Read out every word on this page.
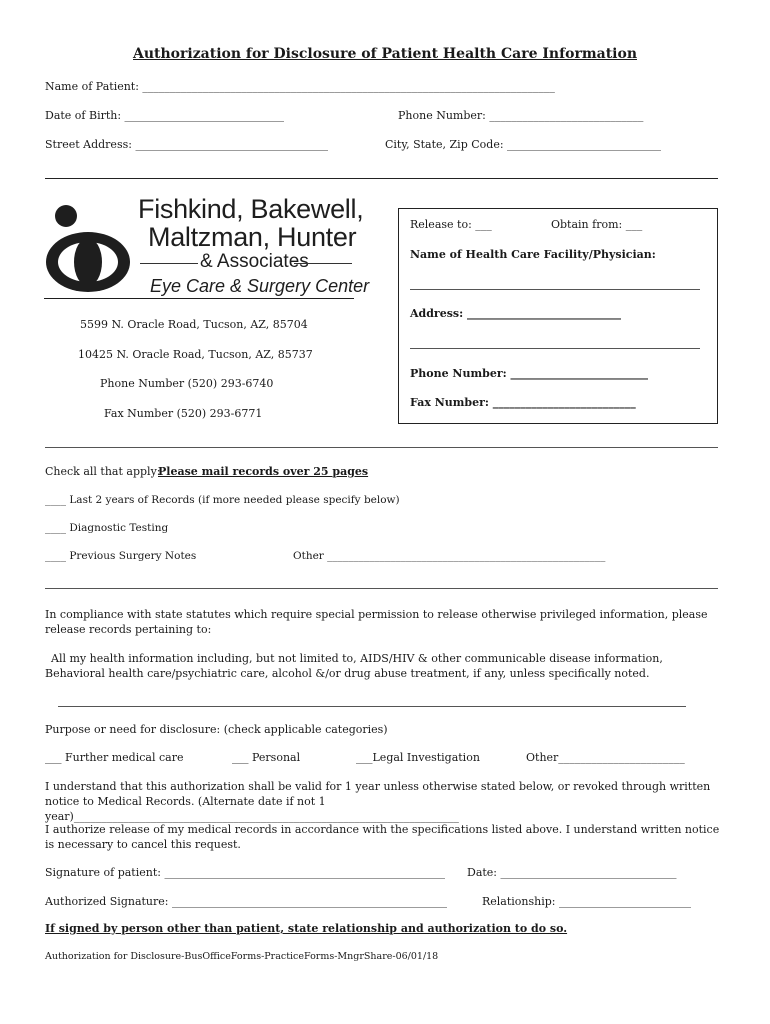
Authorization for Disclosure of Patient Health Care Information
Name of Patient: ___________________________________________________________________________
Date of Birth: _____________________________	Phone Number: ____________________________
Street Address: ___________________________________	City, State, Zip Code: ____________________________
Fishkind, Bakewell,
Maltzman, Hunter
& Associates
Eye Care & Surgery Center
5599 N. Oracle Road, Tucson, AZ, 85704
10425 N. Oracle Road, Tucson, AZ, 85737
Phone Number (520) 293-6740
Fax Number (520) 293-6771
Release to: ___	Obtain from: ___
Name of Health Care Facility/Physician:
Address: ____________________________
Phone Number: _________________________
Fax Number: __________________________
Check all that apply:
Please mail records over 25 pages
____ Last 2 years of Records (if more needed please specify below)
____ Diagnostic Testing
____ Previous Surgery Notes	Other _____________________________________________________
In compliance with state statutes which require special permission to release otherwise privileged information, please release records pertaining to:
All my health information including, but not limited to, AIDS/HIV & other communicable disease information, Behavioral health care/psychiatric care, alcohol &/or drug abuse treatment, if any, unless specifically noted.
Purpose or need for disclosure: (check applicable categories)
___ Further medical care	___ Personal	___Legal Investigation	Other_______________________
I understand that this authorization shall be valid for 1 year unless otherwise stated below, or revoked through written notice to Medical Records. (Alternate date if not 1 year)______________________________________________________________________
I authorize release of my medical records in accordance with the specifications listed above. I understand written notice is necessary to cancel this request.
Signature of patient: ___________________________________________________ Date: ________________________________
Authorized Signature: __________________________________________________	Relationship: ________________________
If signed by person other than patient, state relationship and authorization to do so.
Authorization for Disclosure-BusOfficeForms-PracticeForms-MngrShare-06/01/18
